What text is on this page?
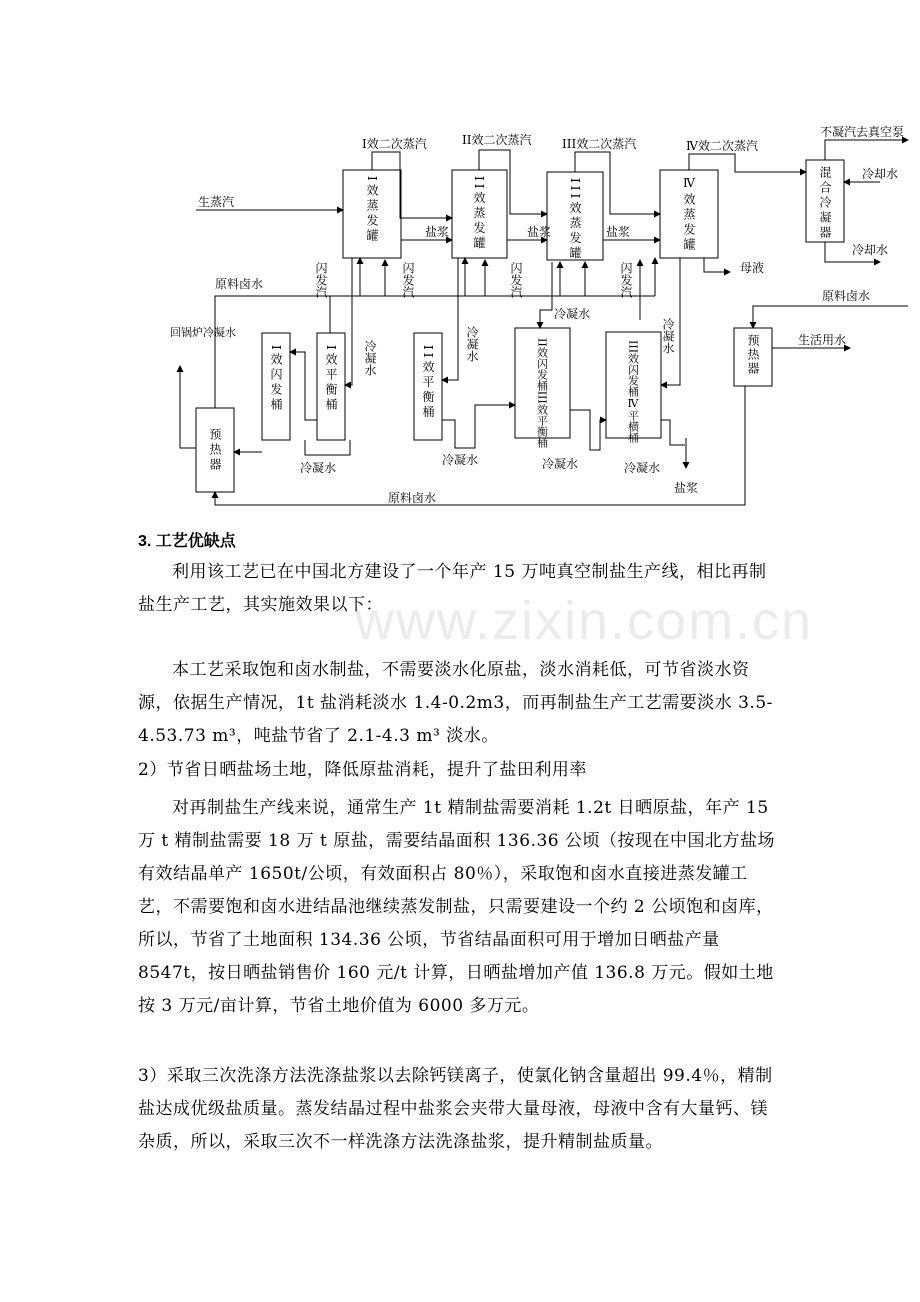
I效蒸发罐	II效蒸发罐	III效蒸发罐	Ⅳ效蒸发罐	混合冷凝器
I效闪发桶	I效平衡桶	II效平衡桶	II效闪发桶III效平衡桶	III效闪发桶Ⅳ平横桶
预热器
预热器
I效二次蒸汽	II效二次蒸汽	III效二次蒸汽	Ⅳ效二次蒸汽
不凝汽去真空泵
冷却水
冷却水
生蒸汽
盐浆	盐浆	盐浆
盐浆
闪发汽	闪发汽	闪发汽	闪发汽	母液
原料卤水
原料卤水
原料卤水
回锅炉冷凝水
生活用水
冷凝水	冷凝水	冷凝水
冷凝水
冷凝水
冷凝水
冷凝水	冷凝水
www.zixin.com.cn
3. 工艺优缺点

利用该工艺已在中国北方建设了一个年产 15 万吨真空制盐生产线，相比再制盐生产工艺，其实施效果以下：

本工艺采取饱和卤水制盐，不需要淡水化原盐，淡水消耗低，可节省淡水资源，依据生产情况，1t 盐消耗淡水 1.4-0.2m3，而再制盐生产工艺需要淡水 3.5-4.53.73 m³，吨盐节省了 2.1-4.3 m³ 淡水。

2）节省日晒盐场土地，降低原盐消耗，提升了盐田利用率

对再制盐生产线来说，通常生产 1t 精制盐需要消耗 1.2t 日晒原盐，年产 15 万 t 精制盐需要 18 万 t 原盐，需要结晶面积 136.36 公顷（按现在中国北方盐场有效结晶单产 1650t/公顷，有效面积占 80％），采取饱和卤水直接进蒸发罐工艺，不需要饱和卤水进结晶池继续蒸发制盐，只需要建设一个约 2 公顷饱和卤库，所以，节省了土地面积 134.36 公顷，节省结晶面积可用于增加日晒盐产量 8547t，按日晒盐销售价 160 元/t 计算，日晒盐增加产值 136.8 万元。假如土地按 3 万元/亩计算，节省土地价值为 6000 多万元。

3）采取三次洗涤方法洗涤盐浆以去除钙镁离子，使氯化钠含量超出 99.4％，精制盐达成优级盐质量。蒸发结晶过程中盐浆会夹带大量母液，母液中含有大量钙、镁杂质，所以，采取三次不一样洗涤方法洗涤盐浆，提升精制盐质量。
